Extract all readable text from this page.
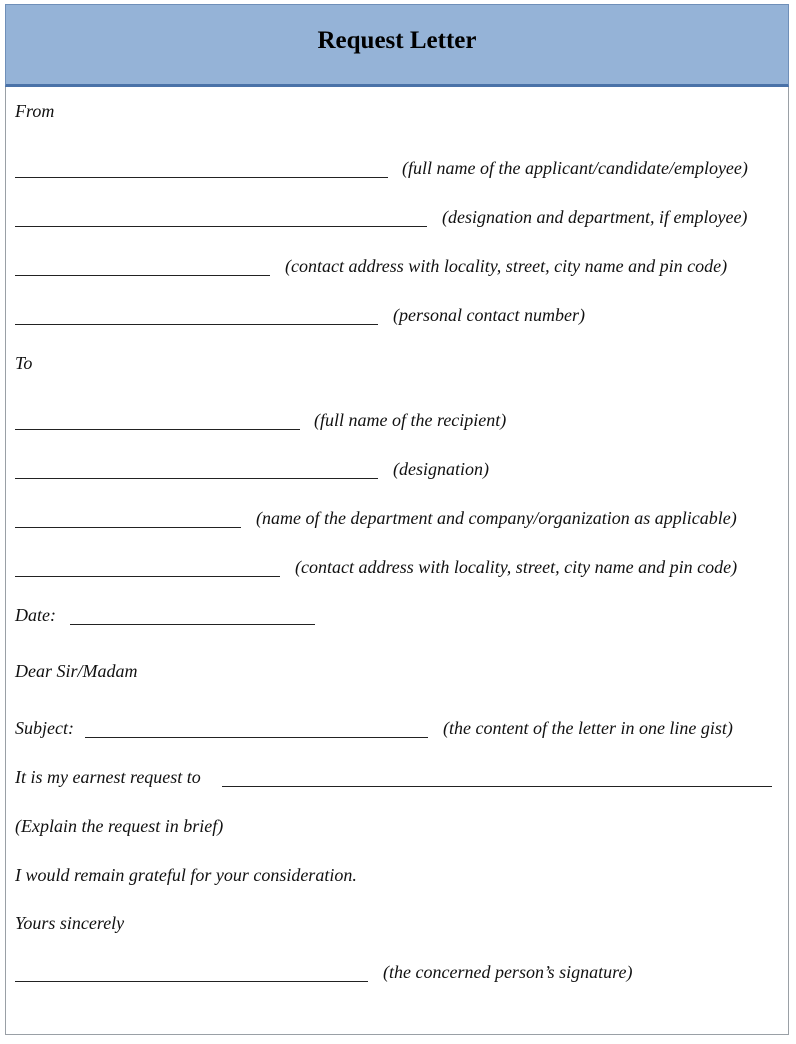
Request Letter
From
(full name of the applicant/candidate/employee)
(designation and department, if employee)
(contact address with locality, street, city name and pin code)
(personal contact number)
To
(full name of the recipient)
(designation)
(name of the department and company/organization as applicable)
(contact address with locality, street, city name and pin code)
Date:
Dear Sir/Madam
Subject:	(the content of the letter in one line gist)
It is my earnest request to
(Explain the request in brief)
I would remain grateful for your consideration.
Yours sincerely
(the concerned person’s signature)
